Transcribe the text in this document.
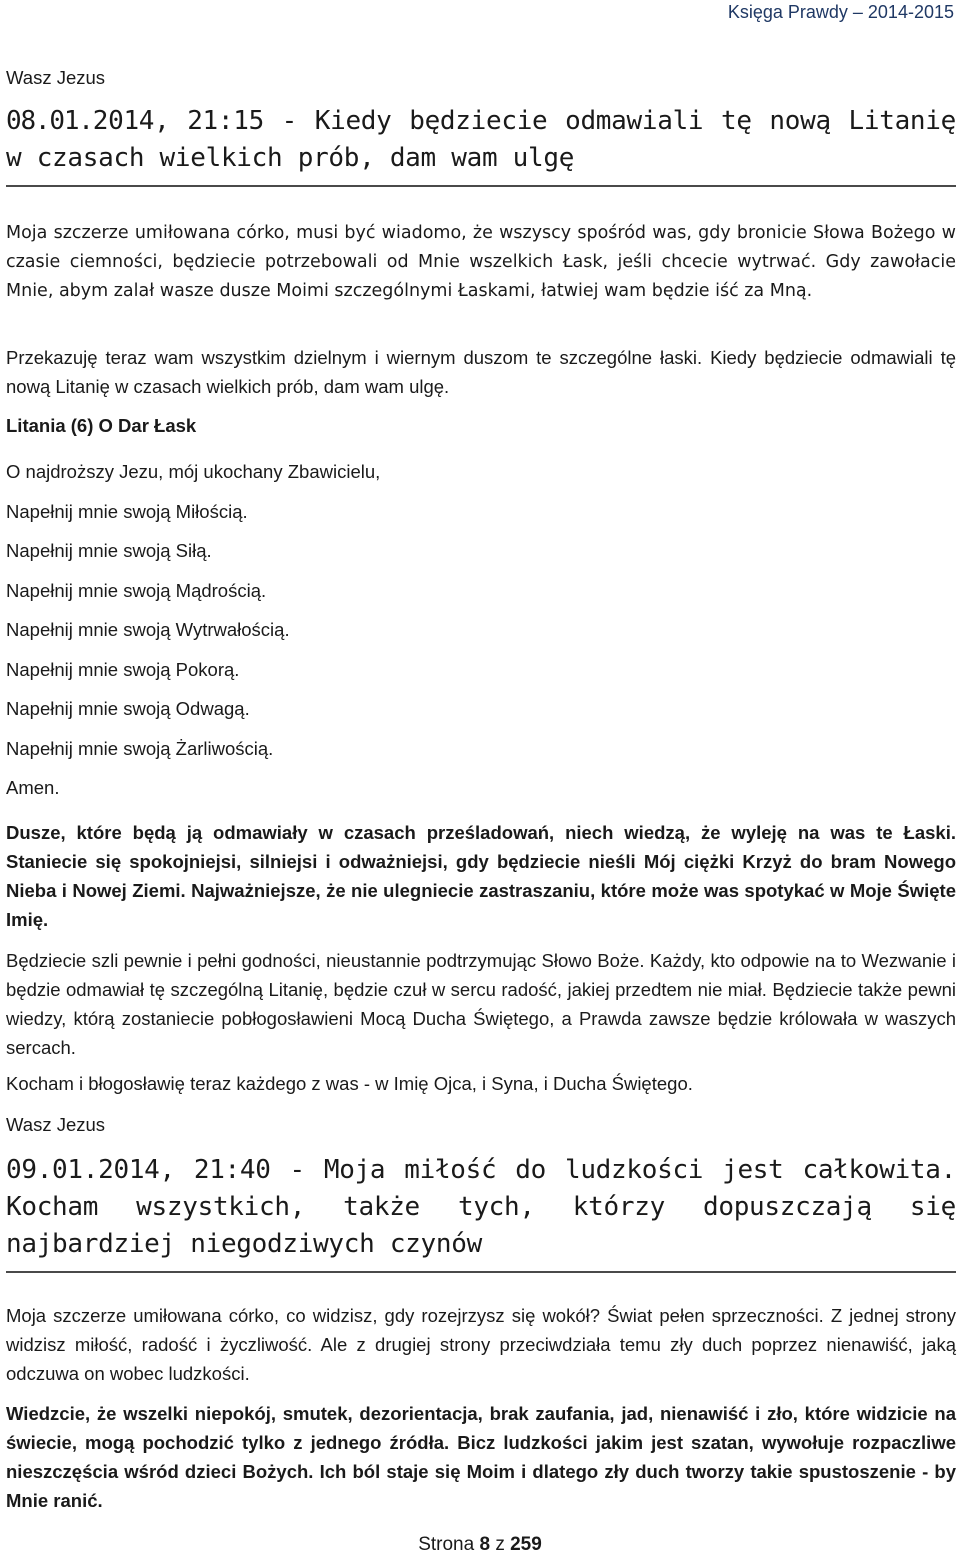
Księga Prawdy – 2014-2015
Wasz Jezus
08.01.2014, 21:15 - Kiedy będziecie odmawiali tę nową Litanię w czasach wielkich prób, dam wam ulgę

Moja szczerze umiłowana córko, musi być wiadomo, że wszyscy spośród was, gdy bronicie Słowa Bożego w czasie ciemności, będziecie potrzebowali od Mnie wszelkich Łask, jeśli chcecie wytrwać. Gdy zawołacie Mnie, abym zalał wasze dusze Moimi szczególnymi Łaskami, łatwiej wam będzie iść za Mną.

Przekazuję teraz wam wszystkim dzielnym i wiernym duszom te szczególne łaski. Kiedy będziecie odmawiali tę nową Litanię w czasach wielkich prób, dam wam ulgę.

Litania (6) O Dar Łask

O najdroższy Jezu, mój ukochany Zbawicielu,

Napełnij mnie swoją Miłością.

Napełnij mnie swoją Siłą.

Napełnij mnie swoją Mądrością.

Napełnij mnie swoją Wytrwałością.

Napełnij mnie swoją Pokorą.

Napełnij mnie swoją Odwagą.

Napełnij mnie swoją Żarliwością.

Amen.

Dusze, które będą ją odmawiały w czasach prześladowań, niech wiedzą, że wyleję na was te Łaski. Staniecie się spokojniejsi, silniejsi i odważniejsi, gdy będziecie nieśli Mój ciężki Krzyż do bram Nowego Nieba i Nowej Ziemi. Najważniejsze, że nie ulegniecie zastraszaniu, które może was spotykać w Moje Święte Imię.

Będziecie szli pewnie i pełni godności, nieustannie podtrzymując Słowo Boże. Każdy, kto odpowie na to Wezwanie i będzie odmawiał tę szczególną Litanię, będzie czuł w sercu radość, jakiej przedtem nie miał. Będziecie także pewni wiedzy, którą zostaniecie pobłogosławieni Mocą Ducha Świętego, a Prawda zawsze będzie królowała w waszych sercach.

Kocham i błogosławię teraz każdego z was - w Imię Ojca, i Syna, i Ducha Świętego.

Wasz Jezus
09.01.2014, 21:40 - Moja miłość do ludzkości jest całkowita. Kocham wszystkich, także tych, którzy dopuszczają się najbardziej niegodziwych czynów

Moja szczerze umiłowana córko, co widzisz, gdy rozejrzysz się wokół? Świat pełen sprzeczności. Z jednej strony widzisz miłość, radość i życzliwość. Ale z drugiej strony przeciwdziała temu zły duch poprzez nienawiść, jaką odczuwa on wobec ludzkości.

Wiedzcie, że wszelki niepokój, smutek, dezorientacja, brak zaufania, jad, nienawiść i zło, które widzicie na świecie, mogą pochodzić tylko z jednego źródła. Bicz ludzkości jakim jest szatan, wywołuje rozpaczliwe nieszczęścia wśród dzieci Bożych. Ich ból staje się Moim i dlatego zły duch tworzy takie spustoszenie - by Mnie ranić.

Strona 8 z 259
